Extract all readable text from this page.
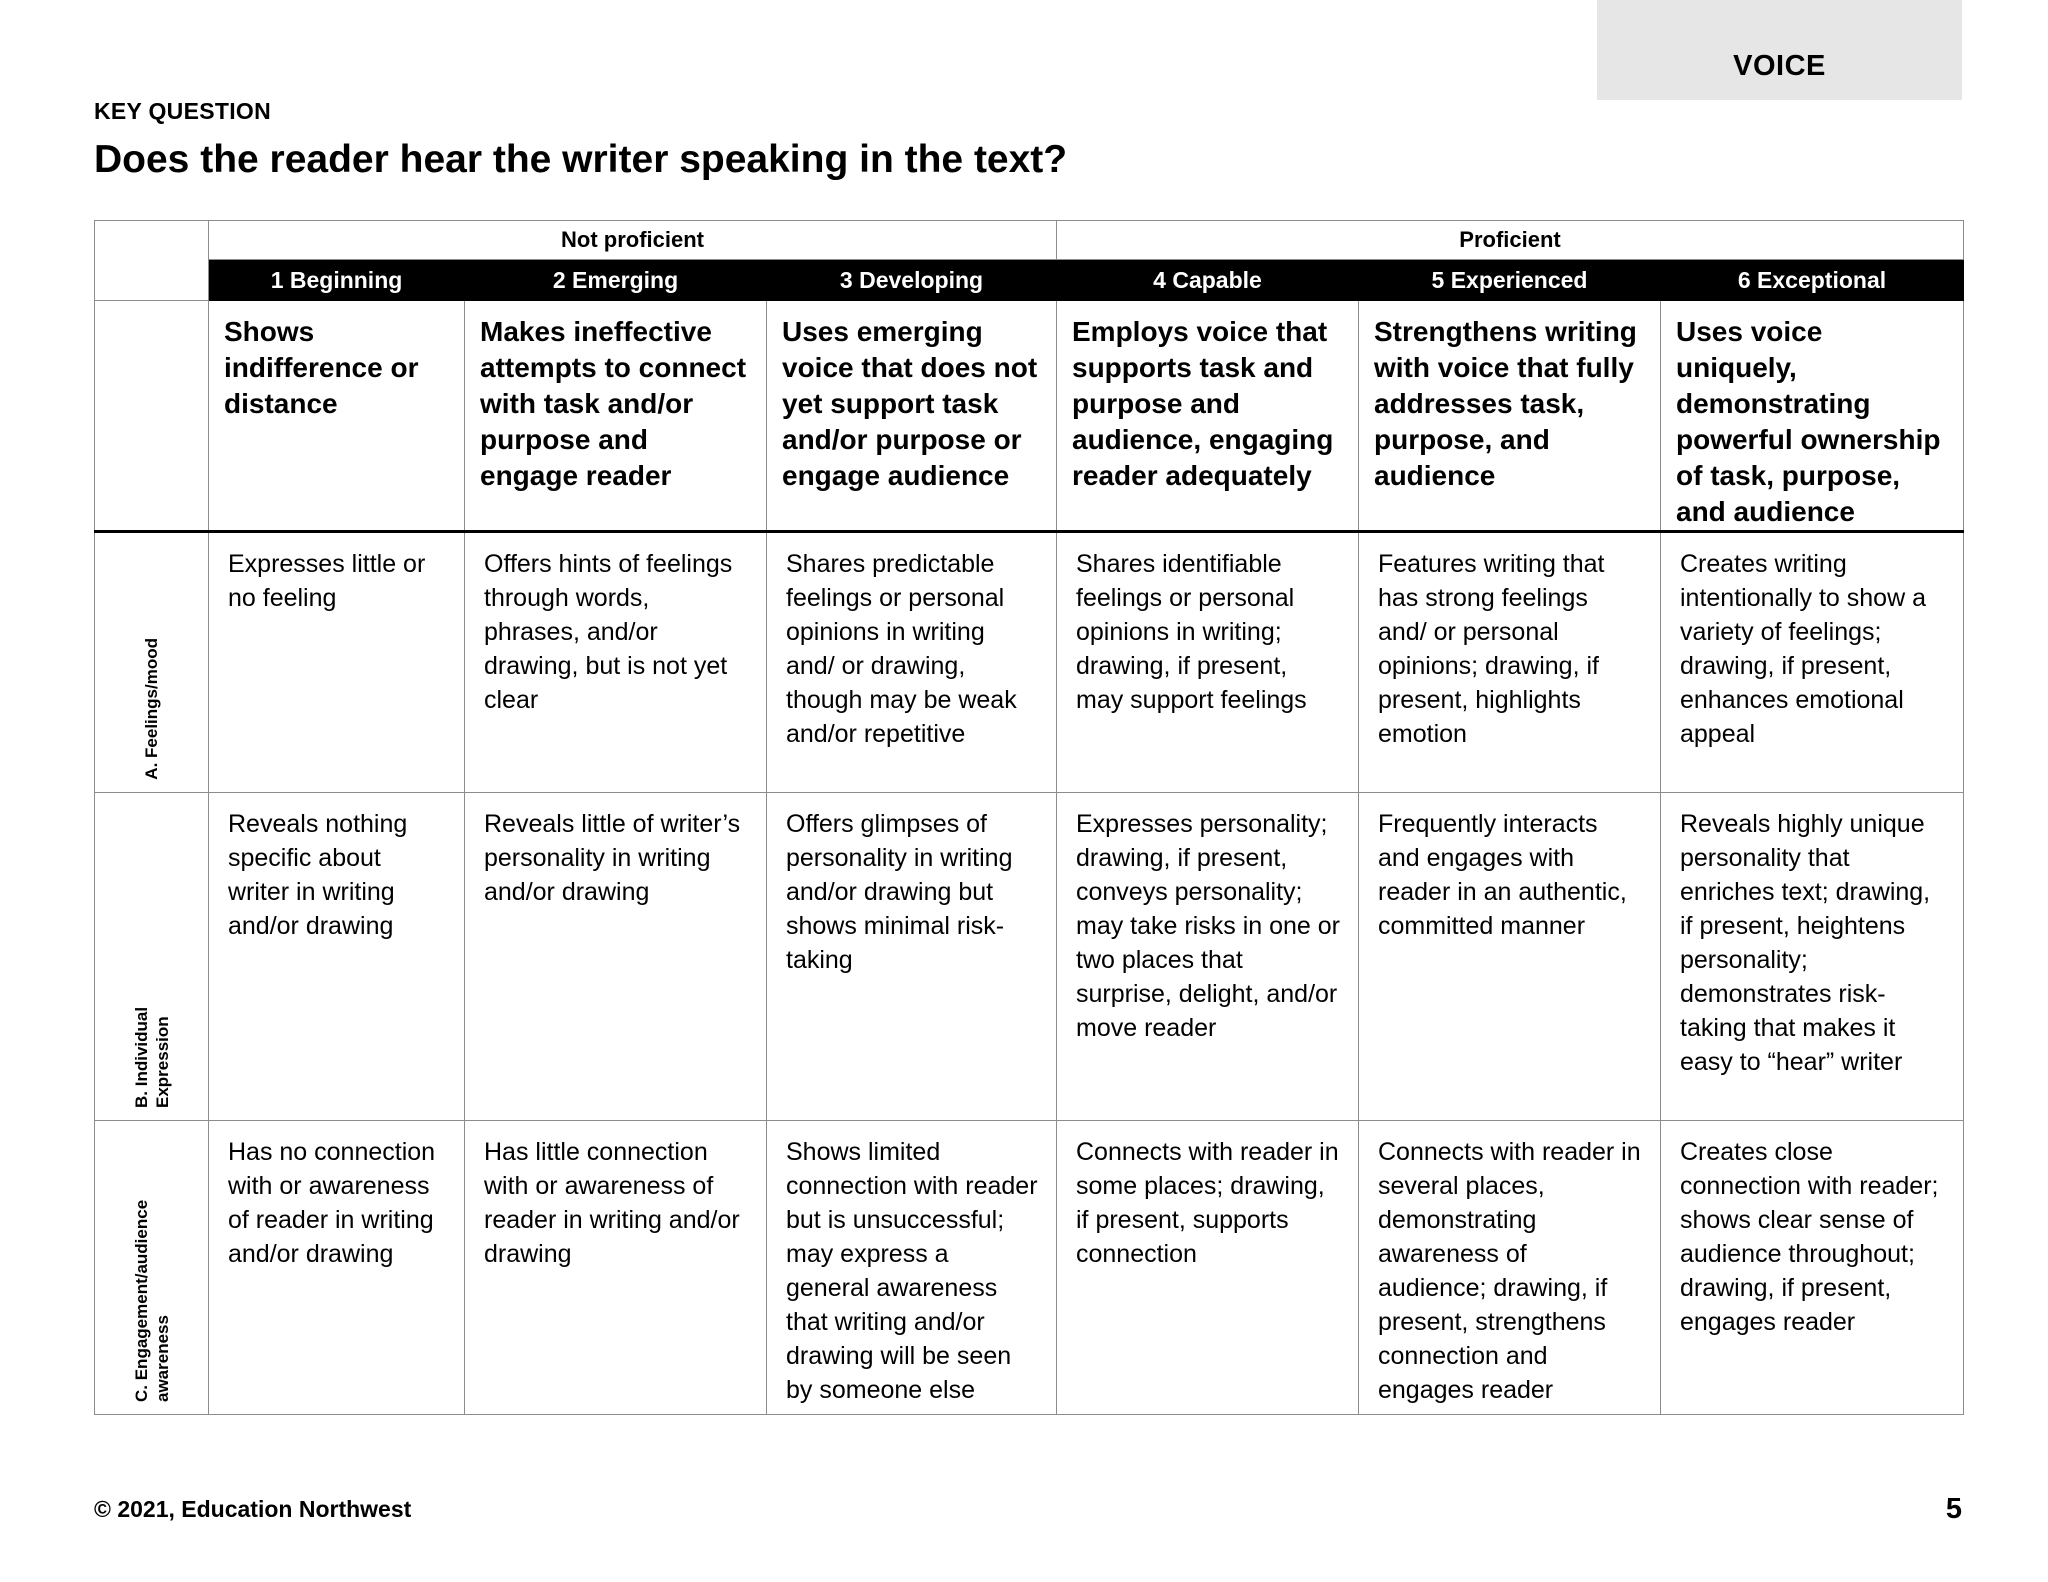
VOICE
KEY QUESTION
Does the reader hear the writer speaking in the text?
	Not proficient			Proficient		
	1 Beginning	2 Emerging	3 Developing	4 Capable	5 Experienced	6 Exceptional
	Shows indifference or distance	Makes ineffective attempts to connect with task and/or purpose and engage reader	Uses emerging voice that does not yet support task and/or purpose or engage audience	Employs voice that supports task and purpose and audience, engaging reader adequately	Strengthens writing with voice that fully addresses task, purpose, and audience	Uses voice uniquely, demonstrating powerful ownership of task, purpose, and audience

A. Feelings/mood	Expresses little or no feeling	Offers hints of feelings through words, phrases, and/or drawing, but is not yet clear	Shares predictable feelings or personal opinions in writing and/ or drawing, though may be weak and/or repetitive	Shares identifiable feelings or personal opinions in writing; drawing, if present, may support feelings	Features writing that has strong feelings and/ or personal opinions; drawing, if present, highlights emotion	Creates writing intentionally to show a variety of feelings; drawing, if present, enhances emotional appeal

B. Individual Expression	Reveals nothing specific about writer in writing and/or drawing	Reveals little of writer’s personality in writing and/or drawing	Offers glimpses of personality in writing and/or drawing but shows minimal risk-taking	Expresses personality; drawing, if present, conveys personality; may take risks in one or two places that surprise, delight, and/or move reader	Frequently interacts and engages with reader in an authentic, committed manner	Reveals highly unique personality that enriches text; drawing, if present, heightens personality; demonstrates risk-taking that makes it easy to “hear” writer

C. Engagement/audience awareness	Has no connection with or awareness of reader in writing and/or drawing	Has little connection with or awareness of reader in writing and/or drawing	Shows limited connection with reader but is unsuccessful; may express a general awareness that writing and/or drawing will be seen by someone else	Connects with reader in some places; drawing, if present, supports connection	Connects with reader in several places, demonstrating awareness of audience; drawing, if present, strengthens connection and engages reader	Creates close connection with reader; shows clear sense of audience throughout; drawing, if present, engages reader
© 2021, Education Northwest	5
